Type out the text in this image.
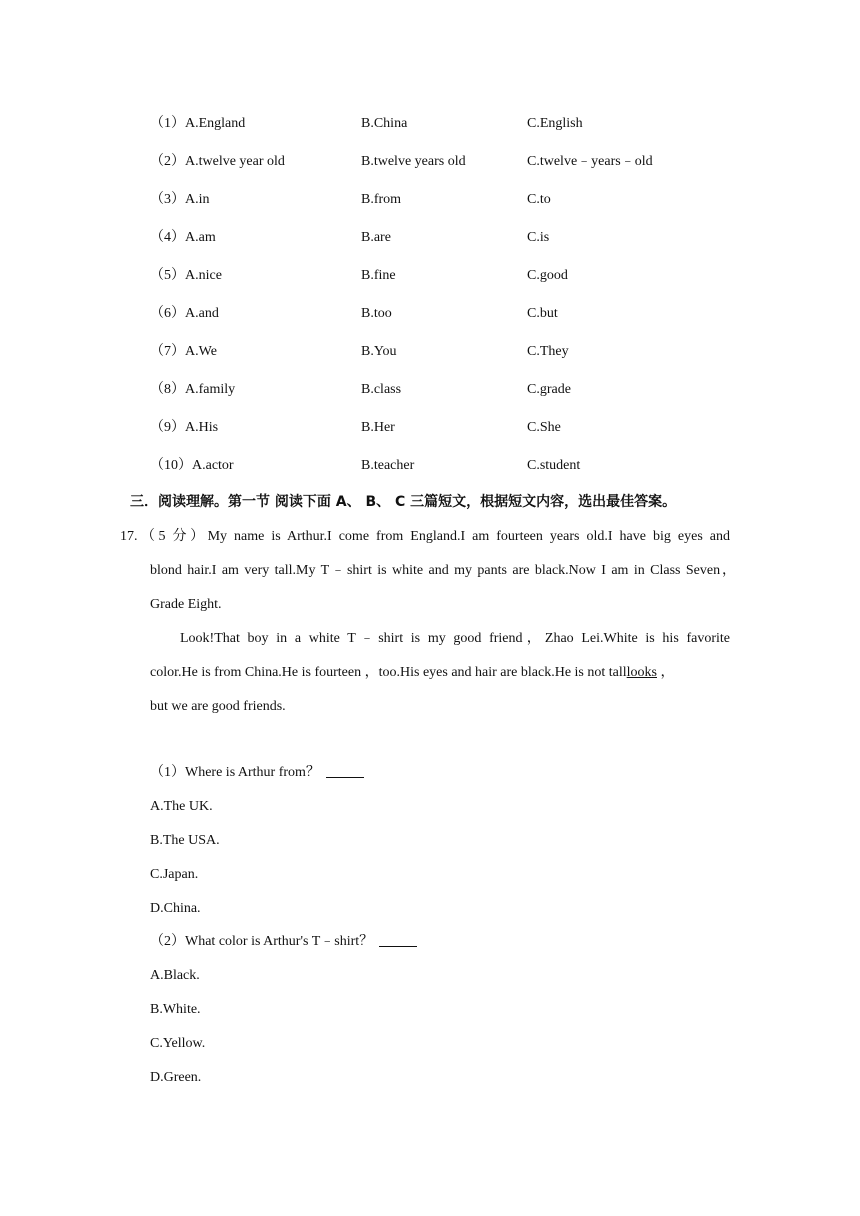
（1）A.England	B.China	C.English
（2）A.twelve year old	B.twelve years old	C.twelve﹣years﹣old
（3）A.in	B.from	C.to
（4）A.am	B.are	C.is
（5）A.nice	B.fine	C.good
（6）A.and	B.too	C.but
（7）A.We	B.You	C.They
（8）A.family	B.class	C.grade
（9）A.His	B.Her	C.She
（10）A.actor	B.teacher	C.student
三．阅读理解。第一节 阅读下面 A、 B、 C 三篇短文，根据短文内容，选出最佳答案。
17.（5 分）My name is Arthur.I come from England.I am fourteen years old.I have big eyes and
blond hair.I am very tall.My T﹣shirt is white and my pants are black.Now I am in Class Seven，
Grade Eight.
Look!That boy in a white T﹣shirt is my good friend，Zhao Lei.White is his favorite
color.He is from China.He is fourteen ，too.His eyes and hair are black.He is not talllooks ，
but we are good friends.
（1）Where is Arthur from？
A.The UK.
B.The USA.
C.Japan.
D.China.
（2）What color is Arthur's T﹣shirt？
A.Black.
B.White.
C.Yellow.
D.Green.
